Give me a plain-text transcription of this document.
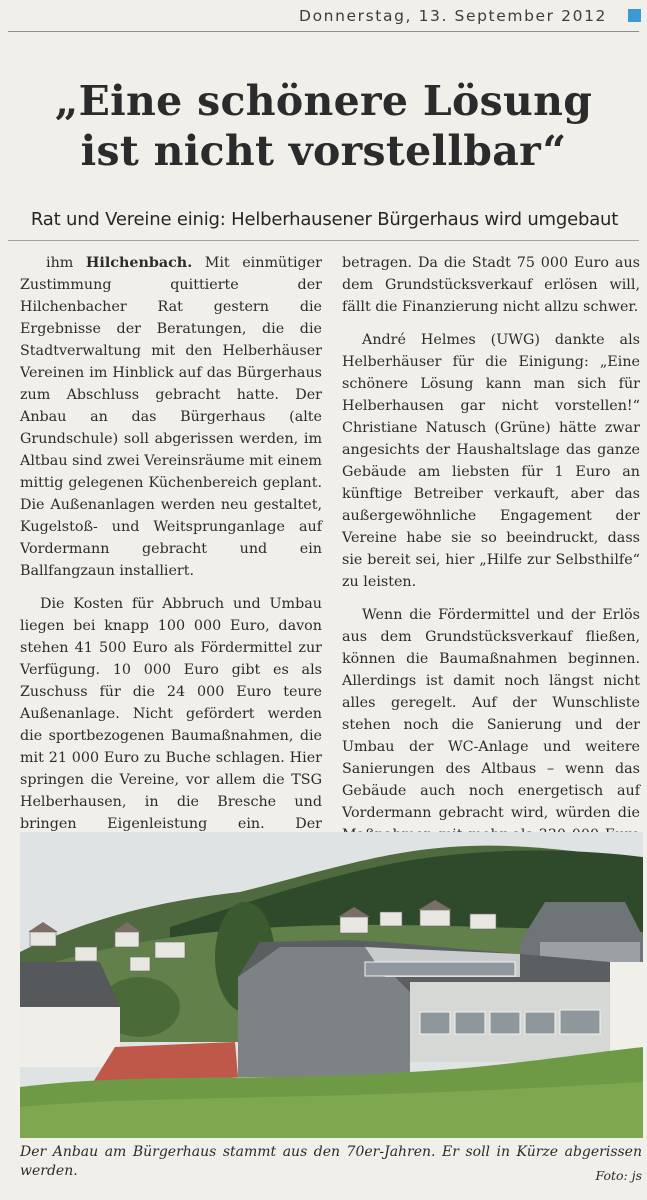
Donnerstag, 13. September 2012
„Eine schönere Lösung
ist nicht vorstellbar“
Rat und Vereine einig: Helberhausener Bürgerhaus wird umgebaut

ihm Hilchenbach. Mit einmütiger Zustimmung quittierte der Hilchenbacher Rat gestern die Ergebnisse der Beratungen, die die Stadtverwaltung mit den Helberhäuser Vereinen im Hinblick auf das Bürgerhaus zum Abschluss gebracht hatte. Der Anbau an das Bürgerhaus (alte Grundschule) soll abgerissen werden, im Altbau sind zwei Vereinsräume mit einem mittig gelegenen Küchenbereich geplant. Die Außenanlagen werden neu gestaltet, Kugelstoß- und Weitsprunganlage auf Vordermann gebracht und ein Ballfangzaun installiert.

Die Kosten für Abbruch und Umbau liegen bei knapp 100 000 Euro, davon stehen 41 500 Euro als Fördermittel zur Verfügung. 10 000 Euro gibt es als Zuschuss für die 24 000 Euro teure Außenanlage. Nicht gefördert werden die sportbezogenen Baumaßnahmen, die mit 21 000 Euro zu Buche schlagen. Hier springen die Vereine, vor allem die TSG Helberhausen, in die Bresche und bringen Eigenleistung ein. Der

betragen. Da die Stadt 75 000 Euro aus dem Grundstücksverkauf erlösen will, fällt die Finanzierung nicht allzu schwer.

André Helmes (UWG) dankte als Helberhäuser für die Einigung: „Eine schönere Lösung kann man sich für Helberhausen gar nicht vorstellen!“ Christiane Natusch (Grüne) hätte zwar angesichts der Haushaltslage das ganze Gebäude am liebsten für 1 Euro an künftige Betreiber verkauft, aber das außergewöhnliche Engagement der Vereine habe sie so beeindruckt, dass sie bereit sei, hier „Hilfe zur Selbsthilfe“ zu leisten.

Wenn die Fördermittel und der Erlös aus dem Grundstücksverkauf fließen, können die Baumaßnahmen beginnen. Allerdings ist damit noch längst nicht alles geregelt. Auf der Wunschliste stehen noch die Sanierung und der Umbau der WC-Anlage und weitere Sanierungen des Altbaus – wenn das Gebäude auch noch energetisch auf Vordermann gebracht wird, würden die

Der Anbau am Bürgerhaus stammt aus den 70er-Jahren. Er soll in Kürze abgerissen werden.	Foto: js
